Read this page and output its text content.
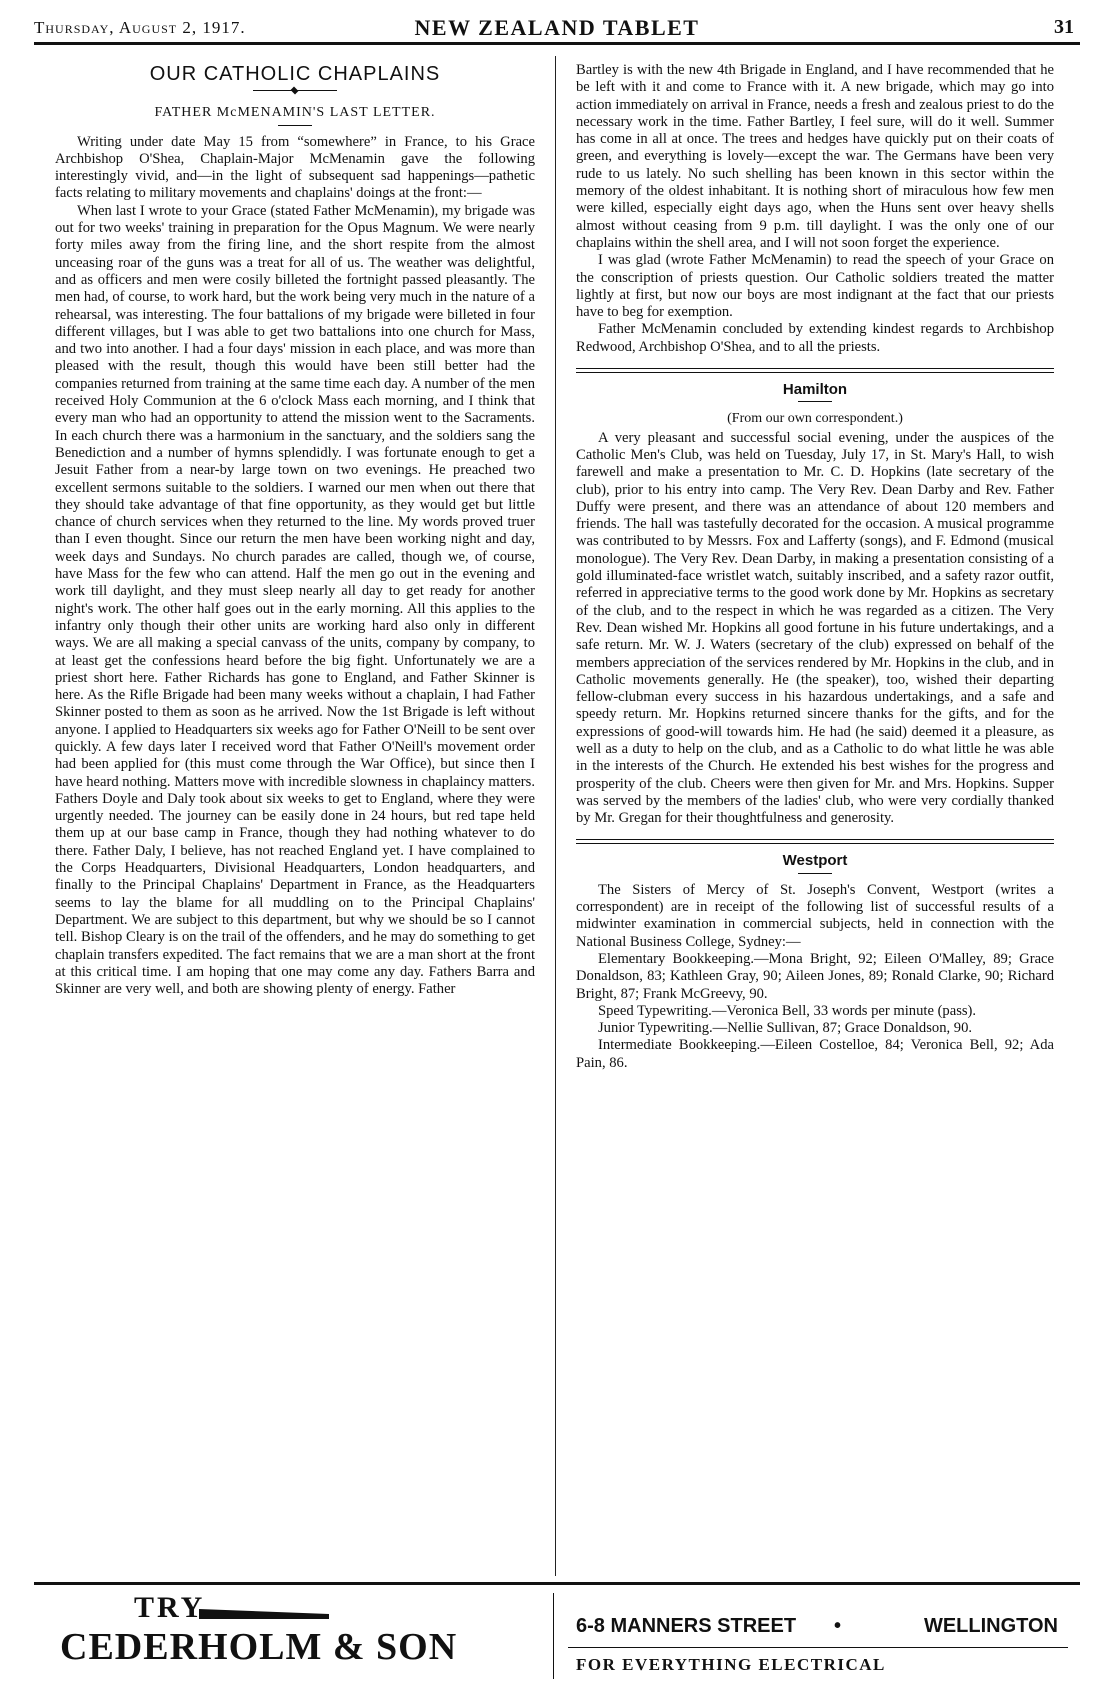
Thursday, August 2, 1917.	NEW ZEALAND TABLET	31
OUR CATHOLIC CHAPLAINS
FATHER McMENAMIN'S LAST LETTER.

Writing under date May 15 from “somewhere” in France, to his Grace Archbishop O'Shea, Chaplain-Major McMenamin gave the following interestingly vivid, and—in the light of subsequent sad happenings—pathetic facts relating to military movements and chaplains' doings at the front:—

When last I wrote to your Grace (stated Father McMenamin), my brigade was out for two weeks' training in preparation for the Opus Magnum. We were nearly forty miles away from the firing line, and the short respite from the almost unceasing roar of the guns was a treat for all of us. The weather was delightful, and as officers and men were cosily billeted the fortnight passed pleasantly. The men had, of course, to work hard, but the work being very much in the nature of a rehearsal, was interesting. The four battalions of my brigade were billeted in four different villages, but I was able to get two battalions into one church for Mass, and two into another. I had a four days' mission in each place, and was more than pleased with the result, though this would have been still better had the companies returned from training at the same time each day. A number of the men received Holy Communion at the 6 o'clock Mass each morning, and I think that every man who had an opportunity to attend the mission went to the Sacraments. In each church there was a harmonium in the sanctuary, and the soldiers sang the Benediction and a number of hymns splendidly. I was fortunate enough to get a Jesuit Father from a near-by large town on two evenings. He preached two excellent sermons suitable to the soldiers. I warned our men when out there that they should take advantage of that fine opportunity, as they would get but little chance of church services when they returned to the line. My words proved truer than I even thought. Since our return the men have been working night and day, week days and Sundays. No church parades are called, though we, of course, have Mass for the few who can attend. Half the men go out in the evening and work till daylight, and they must sleep nearly all day to get ready for another night's work. The other half goes out in the early morning. All this applies to the infantry only though their other units are working hard also only in different ways. We are all making a special canvass of the units, company by company, to at least get the confessions heard before the big fight. Unfortunately we are a priest short here. Father Richards has gone to England, and Father Skinner is here. As the Rifle Brigade had been many weeks without a chaplain, I had Father Skinner posted to them as soon as he arrived. Now the 1st Brigade is left without anyone. I applied to Headquarters six weeks ago for Father O'Neill to be sent over quickly. A few days later I received word that Father O'Neill's movement order had been applied for (this must come through the War Office), but since then I have heard nothing. Matters move with incredible slowness in chaplaincy matters. Fathers Doyle and Daly took about six weeks to get to England, where they were urgently needed. The journey can be easily done in 24 hours, but red tape held them up at our base camp in France, though they had nothing whatever to do there. Father Daly, I believe, has not reached England yet. I have complained to the Corps Headquarters, Divisional Headquarters, London headquarters, and finally to the Principal Chaplains' Department in France, as the Headquarters seems to lay the blame for all muddling on to the Principal Chaplains' Department. We are subject to this department, but why we should be so I cannot tell. Bishop Cleary is on the trail of the offenders, and he may do something to get chaplain transfers expedited. The fact remains that we are a man short at the front at this critical time. I am hoping that one may come any day. Fathers Barra and Skinner are very well, and both are showing plenty of energy. Father

Bartley is with the new 4th Brigade in England, and I have recommended that he be left with it and come to France with it. A new brigade, which may go into action immediately on arrival in France, needs a fresh and zealous priest to do the necessary work in the time. Father Bartley, I feel sure, will do it well. Summer has come in all at once. The trees and hedges have quickly put on their coats of green, and everything is lovely—except the war. The Germans have been very rude to us lately. No such shelling has been known in this sector within the memory of the oldest inhabitant. It is nothing short of miraculous how few men were killed, especially eight days ago, when the Huns sent over heavy shells almost without ceasing from 9 p.m. till daylight. I was the only one of our chaplains within the shell area, and I will not soon forget the experience.

I was glad (wrote Father McMenamin) to read the speech of your Grace on the conscription of priests question. Our Catholic soldiers treated the matter lightly at first, but now our boys are most indignant at the fact that our priests have to beg for exemption.

Father McMenamin concluded by extending kindest regards to Archbishop Redwood, Archbishop O'Shea, and to all the priests.

Hamilton
(From our own correspondent.)

A very pleasant and successful social evening, under the auspices of the Catholic Men's Club, was held on Tuesday, July 17, in St. Mary's Hall, to wish farewell and make a presentation to Mr. C. D. Hopkins (late secretary of the club), prior to his entry into camp. The Very Rev. Dean Darby and Rev. Father Duffy were present, and there was an attendance of about 120 members and friends. The hall was tastefully decorated for the occasion. A musical programme was contributed to by Messrs. Fox and Lafferty (songs), and F. Edmond (musical monologue). The Very Rev. Dean Darby, in making a presentation consisting of a gold illuminated-face wristlet watch, suitably inscribed, and a safety razor outfit, referred in appreciative terms to the good work done by Mr. Hopkins as secretary of the club, and to the respect in which he was regarded as a citizen. The Very Rev. Dean wished Mr. Hopkins all good fortune in his future undertakings, and a safe return. Mr. W. J. Waters (secretary of the club) expressed on behalf of the members appreciation of the services rendered by Mr. Hopkins in the club, and in Catholic movements generally. He (the speaker), too, wished their departing fellow-clubman every success in his hazardous undertakings, and a safe and speedy return. Mr. Hopkins returned sincere thanks for the gifts, and for the expressions of good-will towards him. He had (he said) deemed it a pleasure, as well as a duty to help on the club, and as a Catholic to do what little he was able in the interests of the Church. He extended his best wishes for the progress and prosperity of the club. Cheers were then given for Mr. and Mrs. Hopkins. Supper was served by the members of the ladies' club, who were very cordially thanked by Mr. Gregan for their thoughtfulness and generosity.

Westport

The Sisters of Mercy of St. Joseph's Convent, Westport (writes a correspondent) are in receipt of the following list of successful results of a midwinter examination in commercial subjects, held in connection with the National Business College, Sydney:—

Elementary Bookkeeping.—Mona Bright, 92; Eileen O'Malley, 89; Grace Donaldson, 83; Kathleen Gray, 90; Aileen Jones, 89; Ronald Clarke, 90; Richard Bright, 87; Frank McGreevy, 90.

Speed Typewriting.—Veronica Bell, 33 words per minute (pass).

Junior Typewriting.—Nellie Sullivan, 87; Grace Donaldson, 90.

Intermediate Bookkeeping.—Eileen Costelloe, 84; Veronica Bell, 92; Ada Pain, 86.

TRY
CEDERHOLM & SON	6-8 MANNERS STREET •	WELLINGTON
FOR EVERYTHING ELECTRICAL
